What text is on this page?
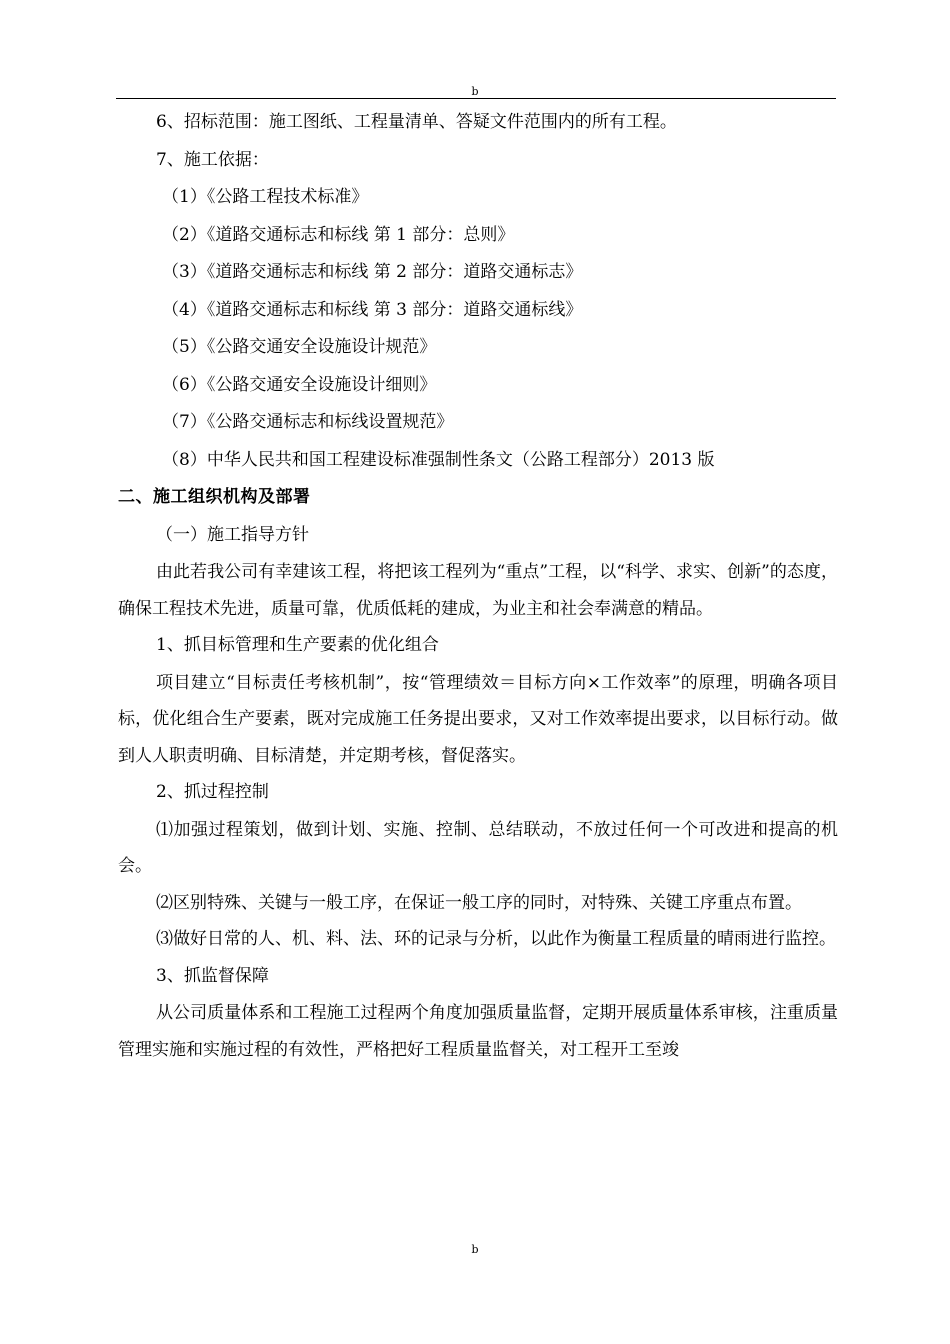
b

6、招标范围：施工图纸、工程量清单、答疑文件范围内的所有工程。

7、施工依据：

（1）《公路工程技术标准》

（2）《道路交通标志和标线 第 1 部分：总则》

（3）《道路交通标志和标线 第 2 部分：道路交通标志》

（4）《道路交通标志和标线 第 3 部分：道路交通标线》

（5）《公路交通安全设施设计规范》

（6）《公路交通安全设施设计细则》

（7）《公路交通标志和标线设置规范》

（8）中华人民共和国工程建设标准强制性条文（公路工程部分）2013 版

二、施工组织机构及部署

（一）施工指导方针

由此若我公司有幸建该工程，将把该工程列为“重点”工程，以“科学、求实、创新”的态度，确保工程技术先进，质量可靠，优质低耗的建成，为业主和社会奉满意的精品。

1、抓目标管理和生产要素的优化组合

项目建立“目标责任考核机制”，按“管理绩效＝目标方向×工作效率”的原理，明确各项目标，优化组合生产要素，既对完成施工任务提出要求，又对工作效率提出要求，以目标行动。做到人人职责明确、目标清楚，并定期考核，督促落实。

2、抓过程控制

⑴加强过程策划，做到计划、实施、控制、总结联动，不放过任何一个可改进和提高的机会。

⑵区别特殊、关键与一般工序，在保证一般工序的同时，对特殊、关键工序重点布置。

⑶做好日常的人、机、料、法、环的记录与分析，以此作为衡量工程质量的晴雨进行监控。

3、抓监督保障

从公司质量体系和工程施工过程两个角度加强质量监督，定期开展质量体系审核，注重质量管理实施和实施过程的有效性，严格把好工程质量监督关，对工程开工至竣

b
